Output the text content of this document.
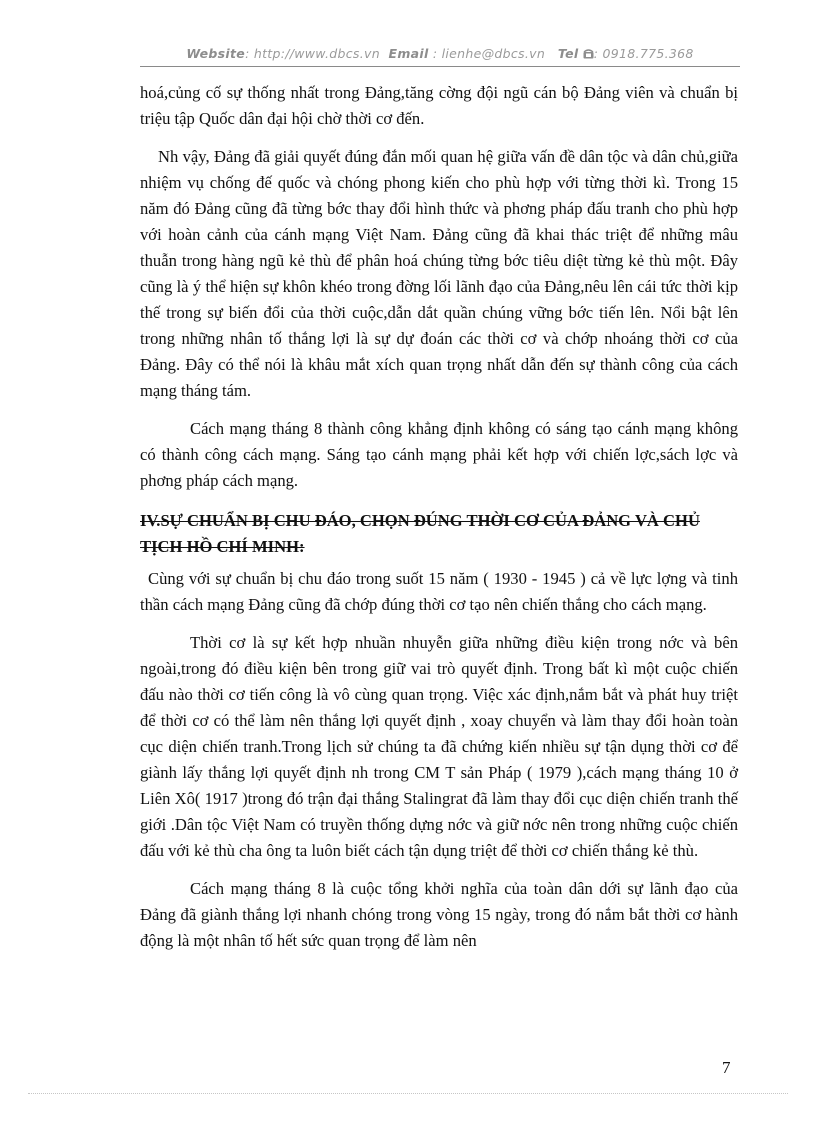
Website: http://www.dbcs.vn Email : lienhe@dbcs.vn Tel : 0918.775.368

hoá,củng cố sự thống nhất trong Đảng,tăng cờng đội ngũ cán bộ Đảng viên và chuẩn bị triệu tập Quốc dân đại hội chờ thời cơ đến.

Nh vậy, Đảng đã giải quyết đúng đắn mối quan hệ giữa vấn đề dân tộc và dân chủ,giữa nhiệm vụ chống đế quốc và chóng phong kiến cho phù hợp với từng thời kì. Trong 15 năm đó Đảng cũng đã từng bớc thay đổi hình thức và phơng pháp đấu tranh cho phù hợp với hoàn cảnh của cánh mạng Việt Nam. Đảng cũng đã khai thác triệt để những mâu thuẫn trong hàng ngũ kẻ thù để phân hoá chúng từng bớc tiêu diệt từng kẻ thù một. Đây cũng là ý thể hiện sự khôn khéo trong đờng lối lãnh đạo của Đảng,nêu lên cái tức thời kịp thế trong sự biến đổi của thời cuộc,dẫn dắt quần chúng vững bớc tiến lên. Nổi bật lên trong những nhân tố thắng lợi là sự dự đoán các thời cơ và chớp nhoáng thời cơ của Đảng. Đây có thể nói là khâu mắt xích quan trọng nhất dẫn đến sự thành công của cách mạng tháng tám.

Cách mạng tháng 8 thành công khẳng định không có sáng tạo cánh mạng không có thành công cách mạng. Sáng tạo cánh mạng phải kết hợp với chiến lợc,sách lợc và phơng pháp cách mạng.

IV.SỰ CHUẨN BỊ CHU ĐÁO, CHỌN ĐÚNG THỜI CƠ CỦA ĐẢNG VÀ CHỦ TỊCH HỒ CHÍ MINH:

Cùng với sự chuẩn bị chu đáo trong suốt 15 năm ( 1930 - 1945 ) cả về lực lợng và tinh thần cách mạng Đảng cũng đã chớp đúng thời cơ tạo nên chiến thắng cho cách mạng.

Thời cơ là sự kết hợp nhuần nhuyễn giữa những điều kiện trong nớc và bên ngoài,trong đó điều kiện bên trong giữ vai trò quyết định. Trong bất kì một cuộc chiến đấu nào thời cơ tiến công là vô cùng quan trọng. Việc xác định,nắm bắt và phát huy triệt để thời cơ có thể làm nên thắng lợi quyết định , xoay chuyển và làm thay đổi hoàn toàn cục diện chiến tranh.Trong lịch sử chúng ta đã chứng kiến nhiều sự tận dụng thời cơ để giành lấy thắng lợi quyết định nh trong CM T sản Pháp ( 1979 ),cách mạng tháng 10 ở Liên Xô( 1917 )trong đó trận đại thắng Stalingrat đã làm thay đổi cục diện chiến tranh thế giới .Dân tộc Việt Nam có truyền thống dựng nớc và giữ nớc nên trong những cuộc chiến đấu với kẻ thù cha ông ta luôn biết cách tận dụng triệt để thời cơ chiến thắng kẻ thù.

Cách mạng tháng 8 là cuộc tổng khởi nghĩa của toàn dân dới sự lãnh đạo của Đảng đã giành thắng lợi nhanh chóng trong vòng 15 ngày, trong đó nắm bắt thời cơ hành động là một nhân tố hết sức quan trọng để làm nên

7
